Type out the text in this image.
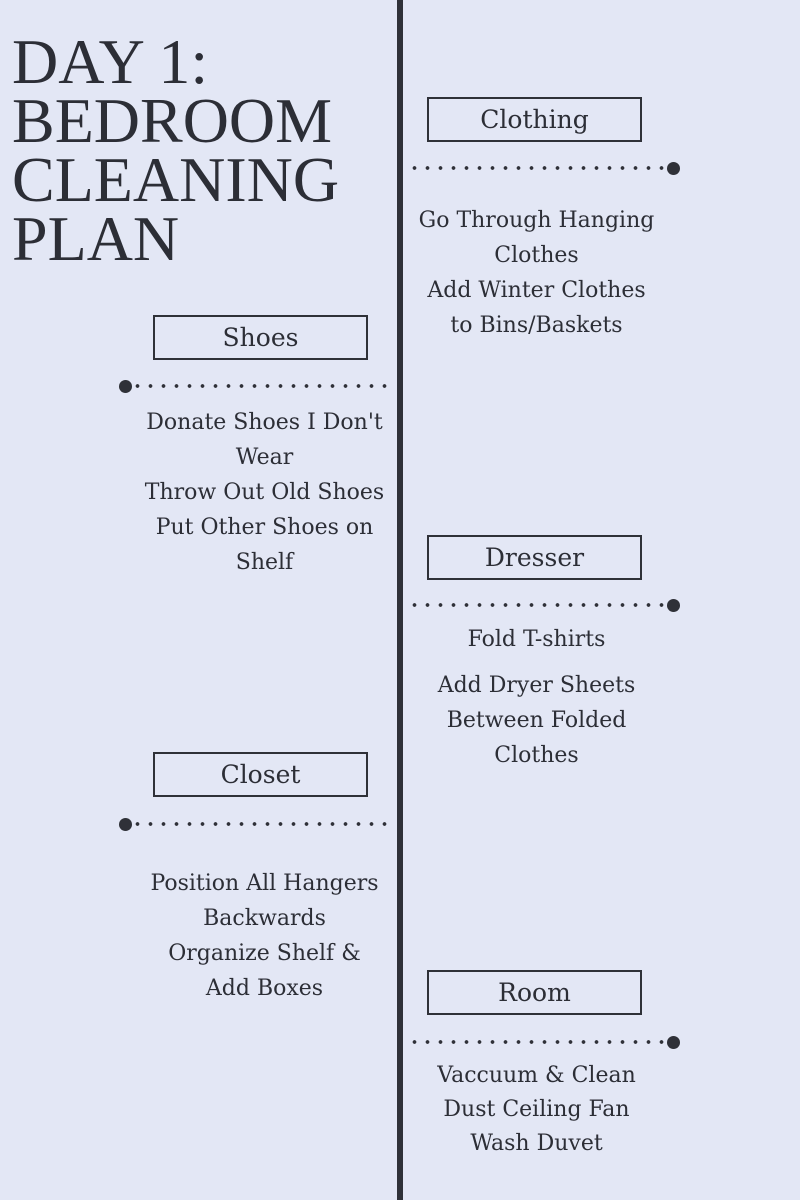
DAY 1:
BEDROOM
CLEANING
PLAN
Clothing
Go Through Hanging
Clothes
Add Winter Clothes
to Bins/Baskets
Shoes
Donate Shoes I Don't
Wear
Throw Out Old Shoes
Put Other Shoes on
Shelf	Dresser
Fold T-shirts
Add Dryer Sheets
Between Folded
Clothes
Closet
Position All Hangers
Backwards
Organize Shelf &
Add Boxes	Room
Vaccuum & Clean
Dust Ceiling Fan
Wash Duvet
